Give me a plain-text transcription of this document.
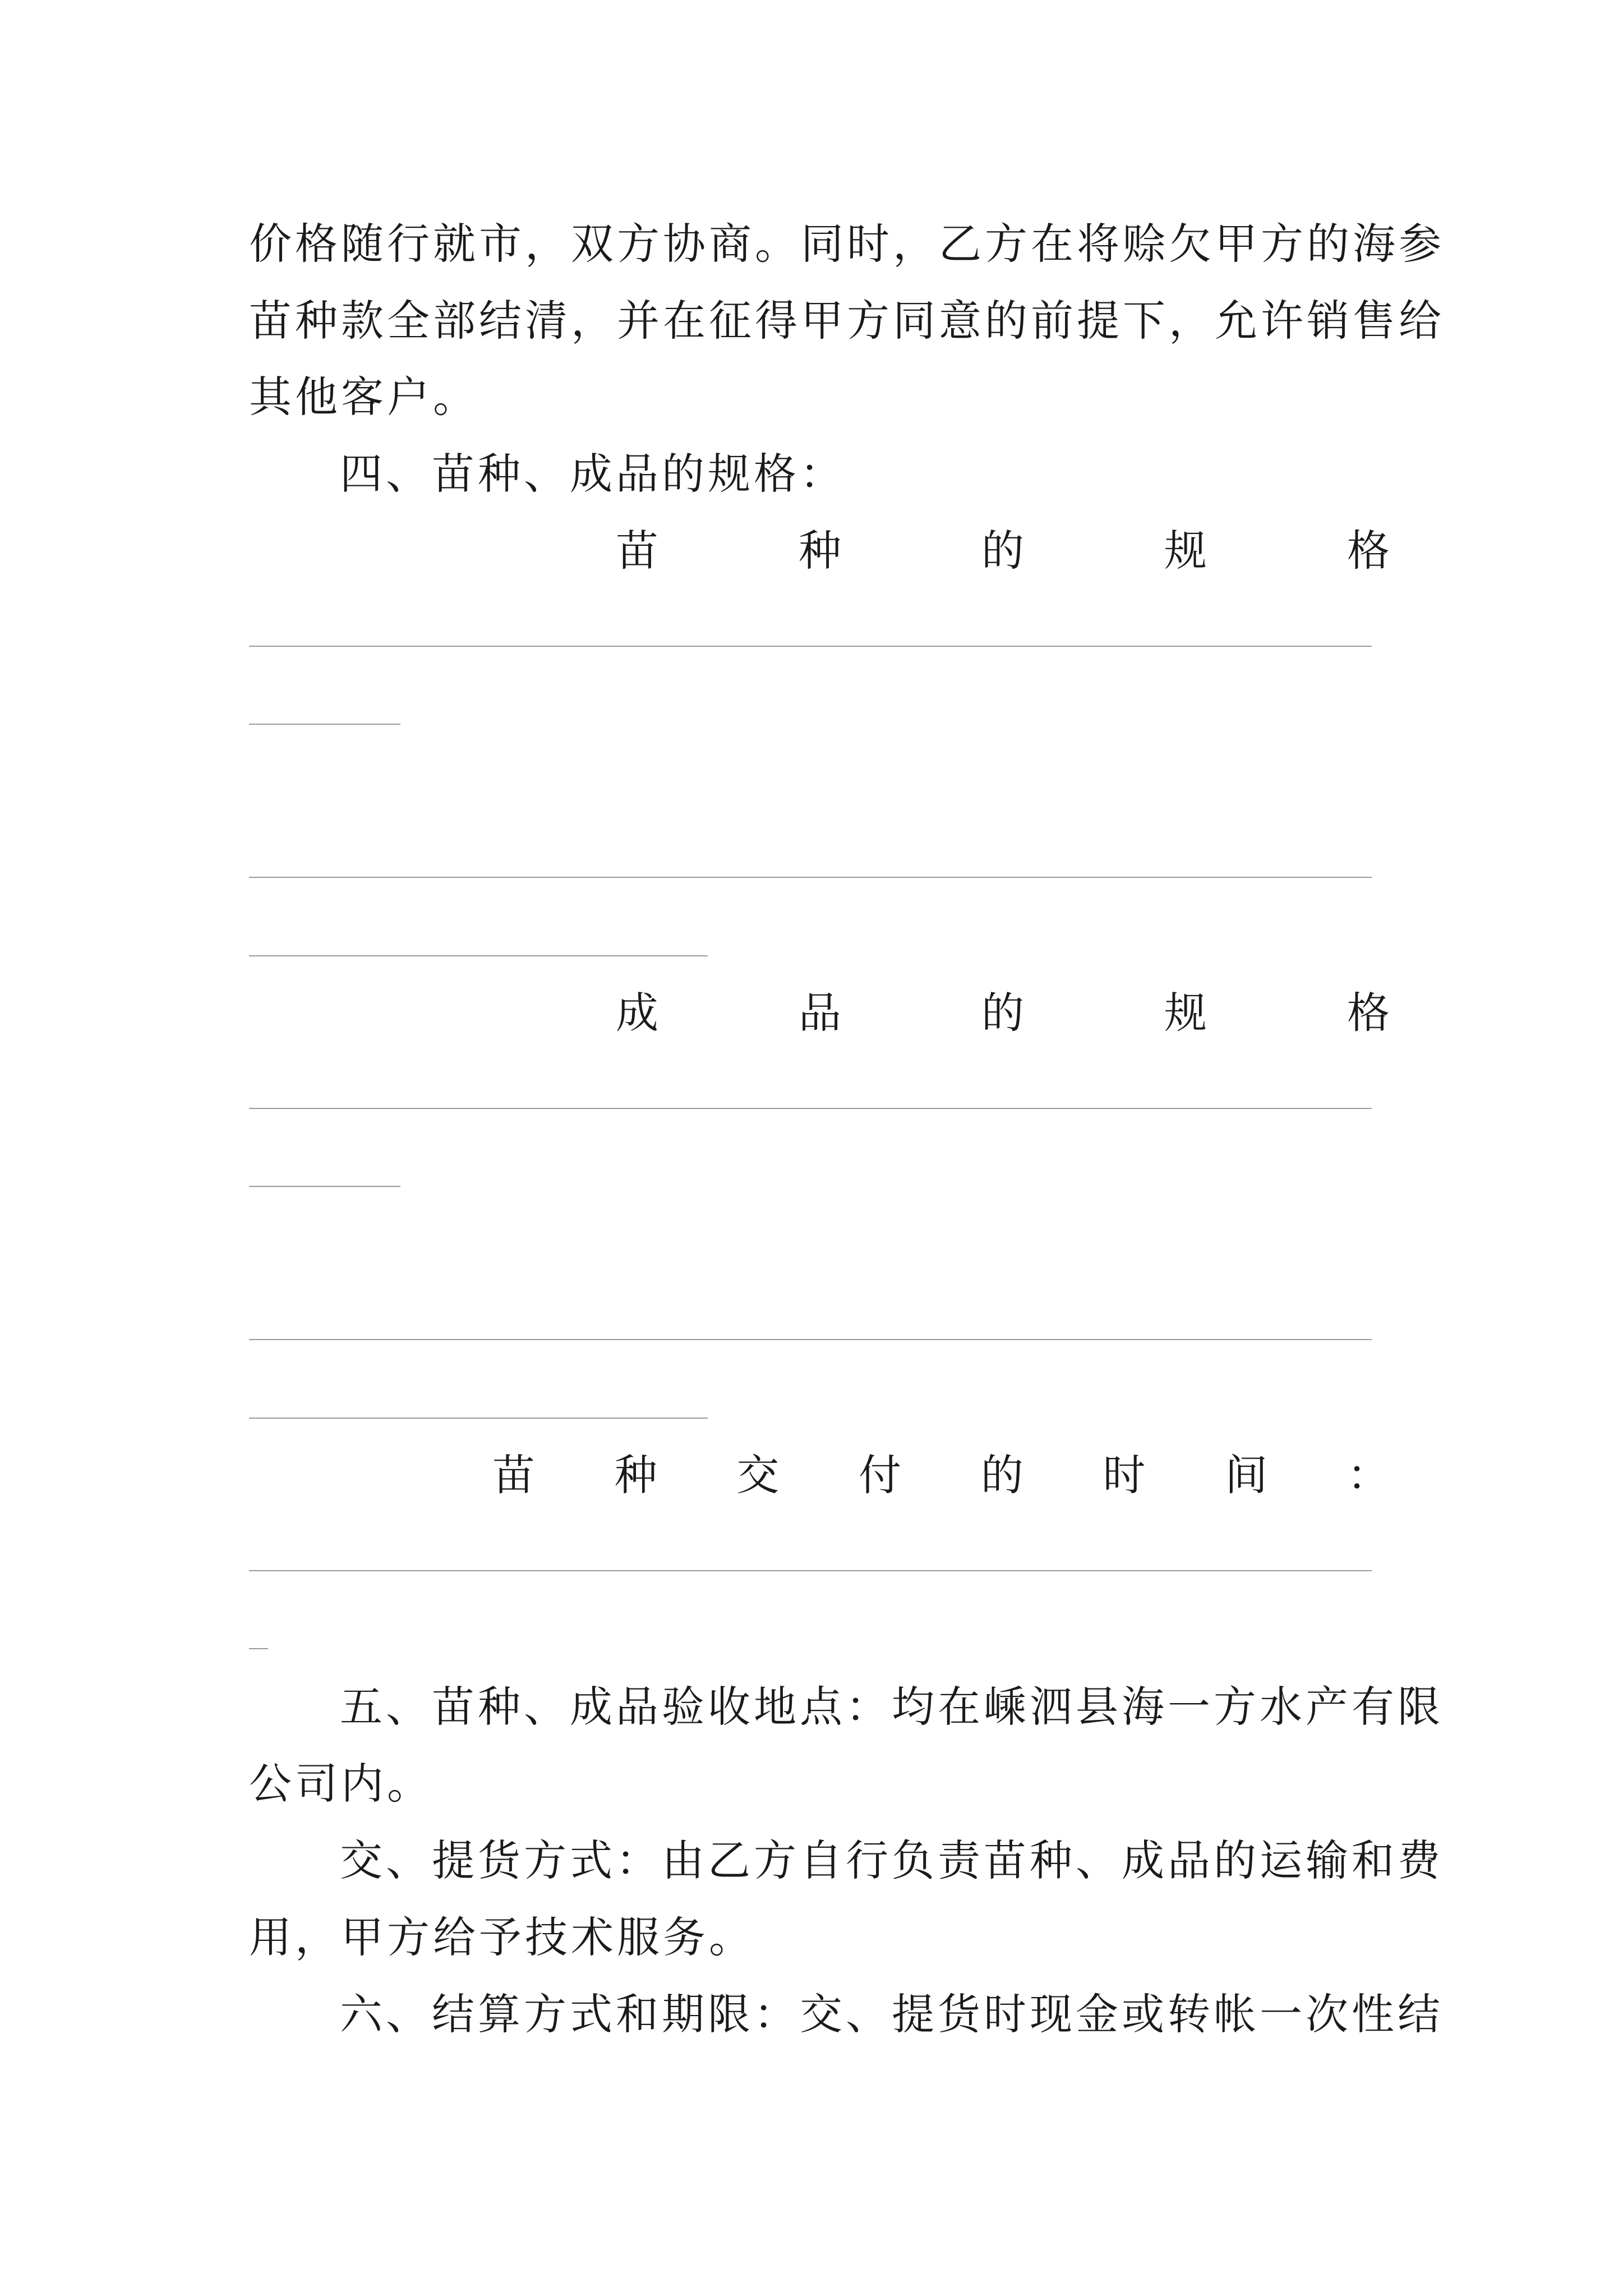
价格随行就市，双方协商。同时，乙方在将赊欠甲方的海参
苗种款全部结清，并在征得甲方同意的前提下，允许销售给
其他客户。
四、苗种、成品的规格：
苗	种	的	规	格
成	品	的	规	格
苗 种 交 付 的 时 间 ：
五、苗种、成品验收地点：均在嵊泗县海一方水产有限
公司内。
交、提货方式：由乙方自行负责苗种、成品的运输和费
用，甲方给予技术服务。
六、结算方式和期限：交、提货时现金或转帐一次性结
